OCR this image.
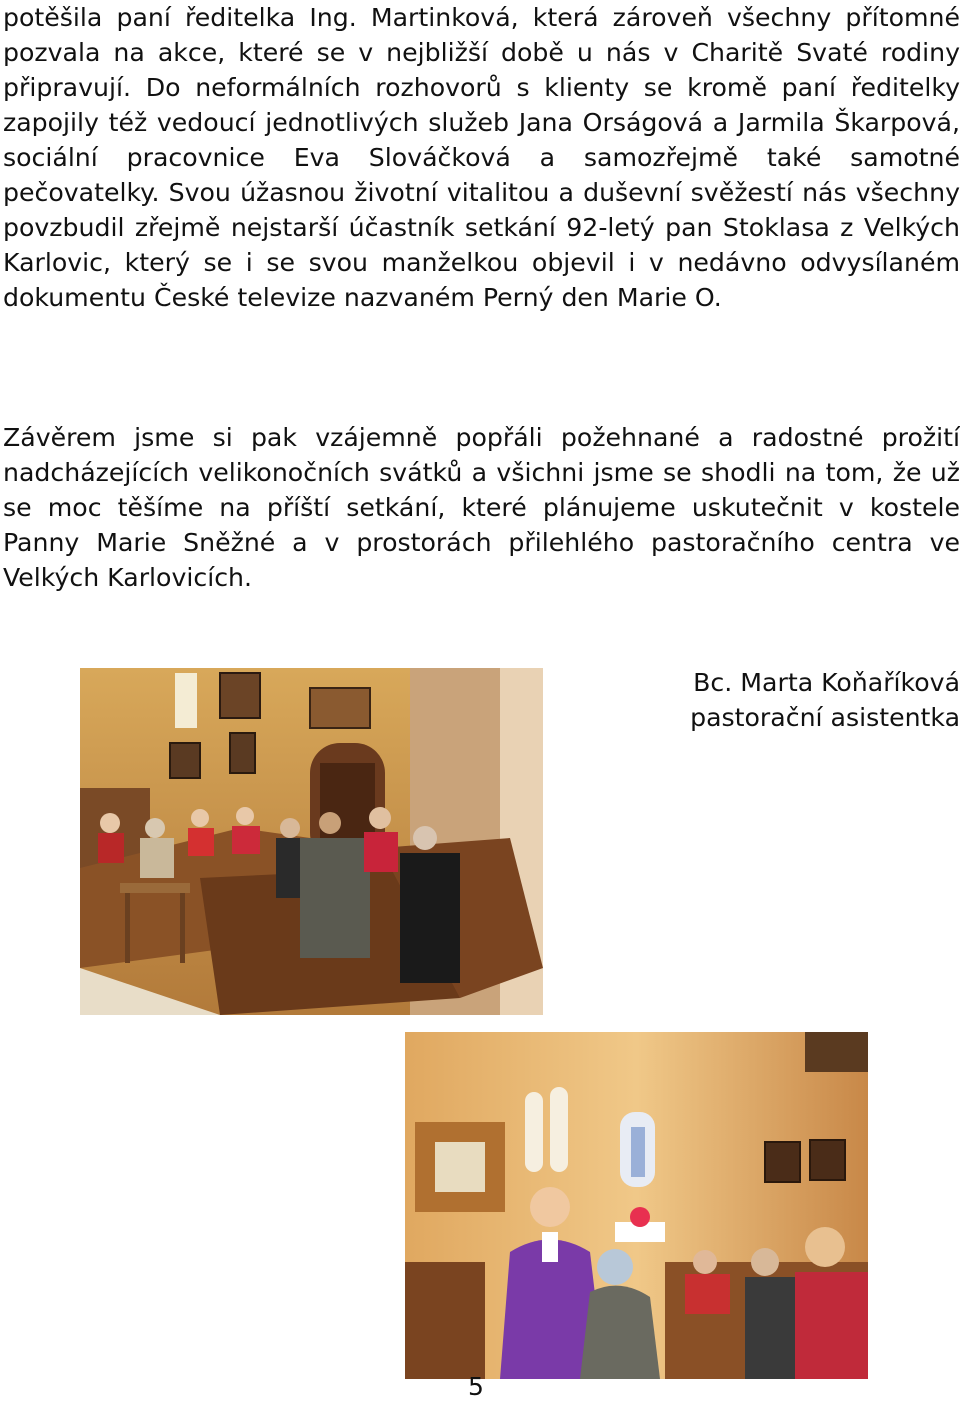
potěšila paní ředitelka Ing. Martinková, která zároveň všechny přítomné pozvala na akce, které se v nejbližší době u nás v Charitě Svaté rodiny připravují. Do neformálních rozhovorů s klienty se kromě paní ředitelky zapojily též vedoucí jednotlivých služeb Jana Orságová a Jarmila Škarpová, sociální pracovnice Eva Slováčková a samozřejmě také samotné pečovatelky. Svou úžasnou životní vitalitou a duševní svěžestí nás všechny povzbudil zřejmě nejstarší účastník setkání 92-letý pan Stoklasa z Velkých Karlovic, který se i se svou manželkou objevil i v nedávno odvysílaném dokumentu České televize nazvaném Perný den Marie O.

Závěrem jsme si pak vzájemně popřáli požehnané a radostné prožití nadcházejících velikonočních svátků a všichni jsme se shodli na tom, že už se moc těšíme na příští setkání, které plánujeme uskutečnit v kostele Panny Marie Sněžné a v prostorách přilehlého pastoračního centra ve Velkých Karlovicích.

Bc. Marta Koňaříková
pastorační asistentka

5
